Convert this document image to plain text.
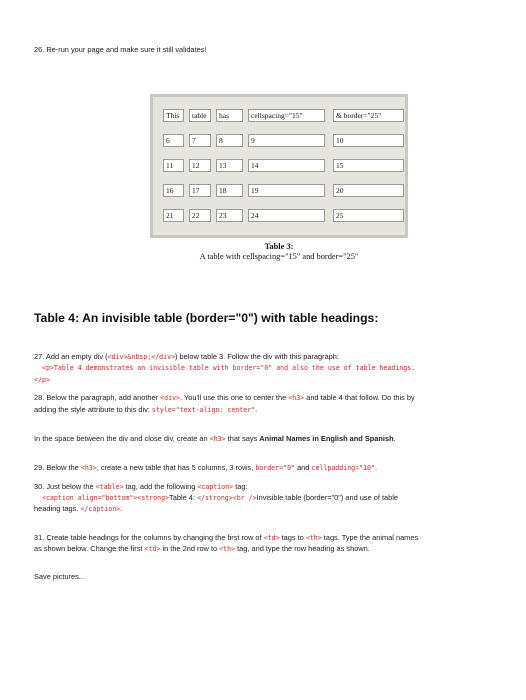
26. Re-run your page and make sure it still validates!
This	table	has	cellspacing="15"	& border="25"
6	7	8	9	10
11	12	13	14	15
16	17	18	19	20
21	22	23	24	25
Table 3:
A table with cellspacing="15" and border="25"
Table 4: An invisible table (border="0") with table headings:
27. Add an empty div (<div>&nbsp;</div>) below table 3. Follow the div with this paragraph:
<p>Table 4 demonstrates an invisible table with border="0" and also the use of table headings.
</p>
28. Below the paragraph, add another <div>. You'll use this one to center the <h3> and table 4 that follow. Do this by
adding the style attribute to this div: style="text-align: center".
In the space between the div and close div, create an <h3> that says Animal Names in English and Spanish.
29. Below the <h3>, create a new table that has 5 columns, 3 rows, border="0" and cellpadding="10".
30. Just below the <table> tag, add the following <caption> tag:
<caption align="bottom"><strong>Table 4: </strong><br />Invisible table (border="0") and use of table
heading tags. </caption>.
31. Create table headings for the columns by changing the first row of <td> tags to <th> tags. Type the animal names
as shown below. Change the first <td> in the 2nd row to <th> tag, and type the row heading as shown.
Save pictures...
